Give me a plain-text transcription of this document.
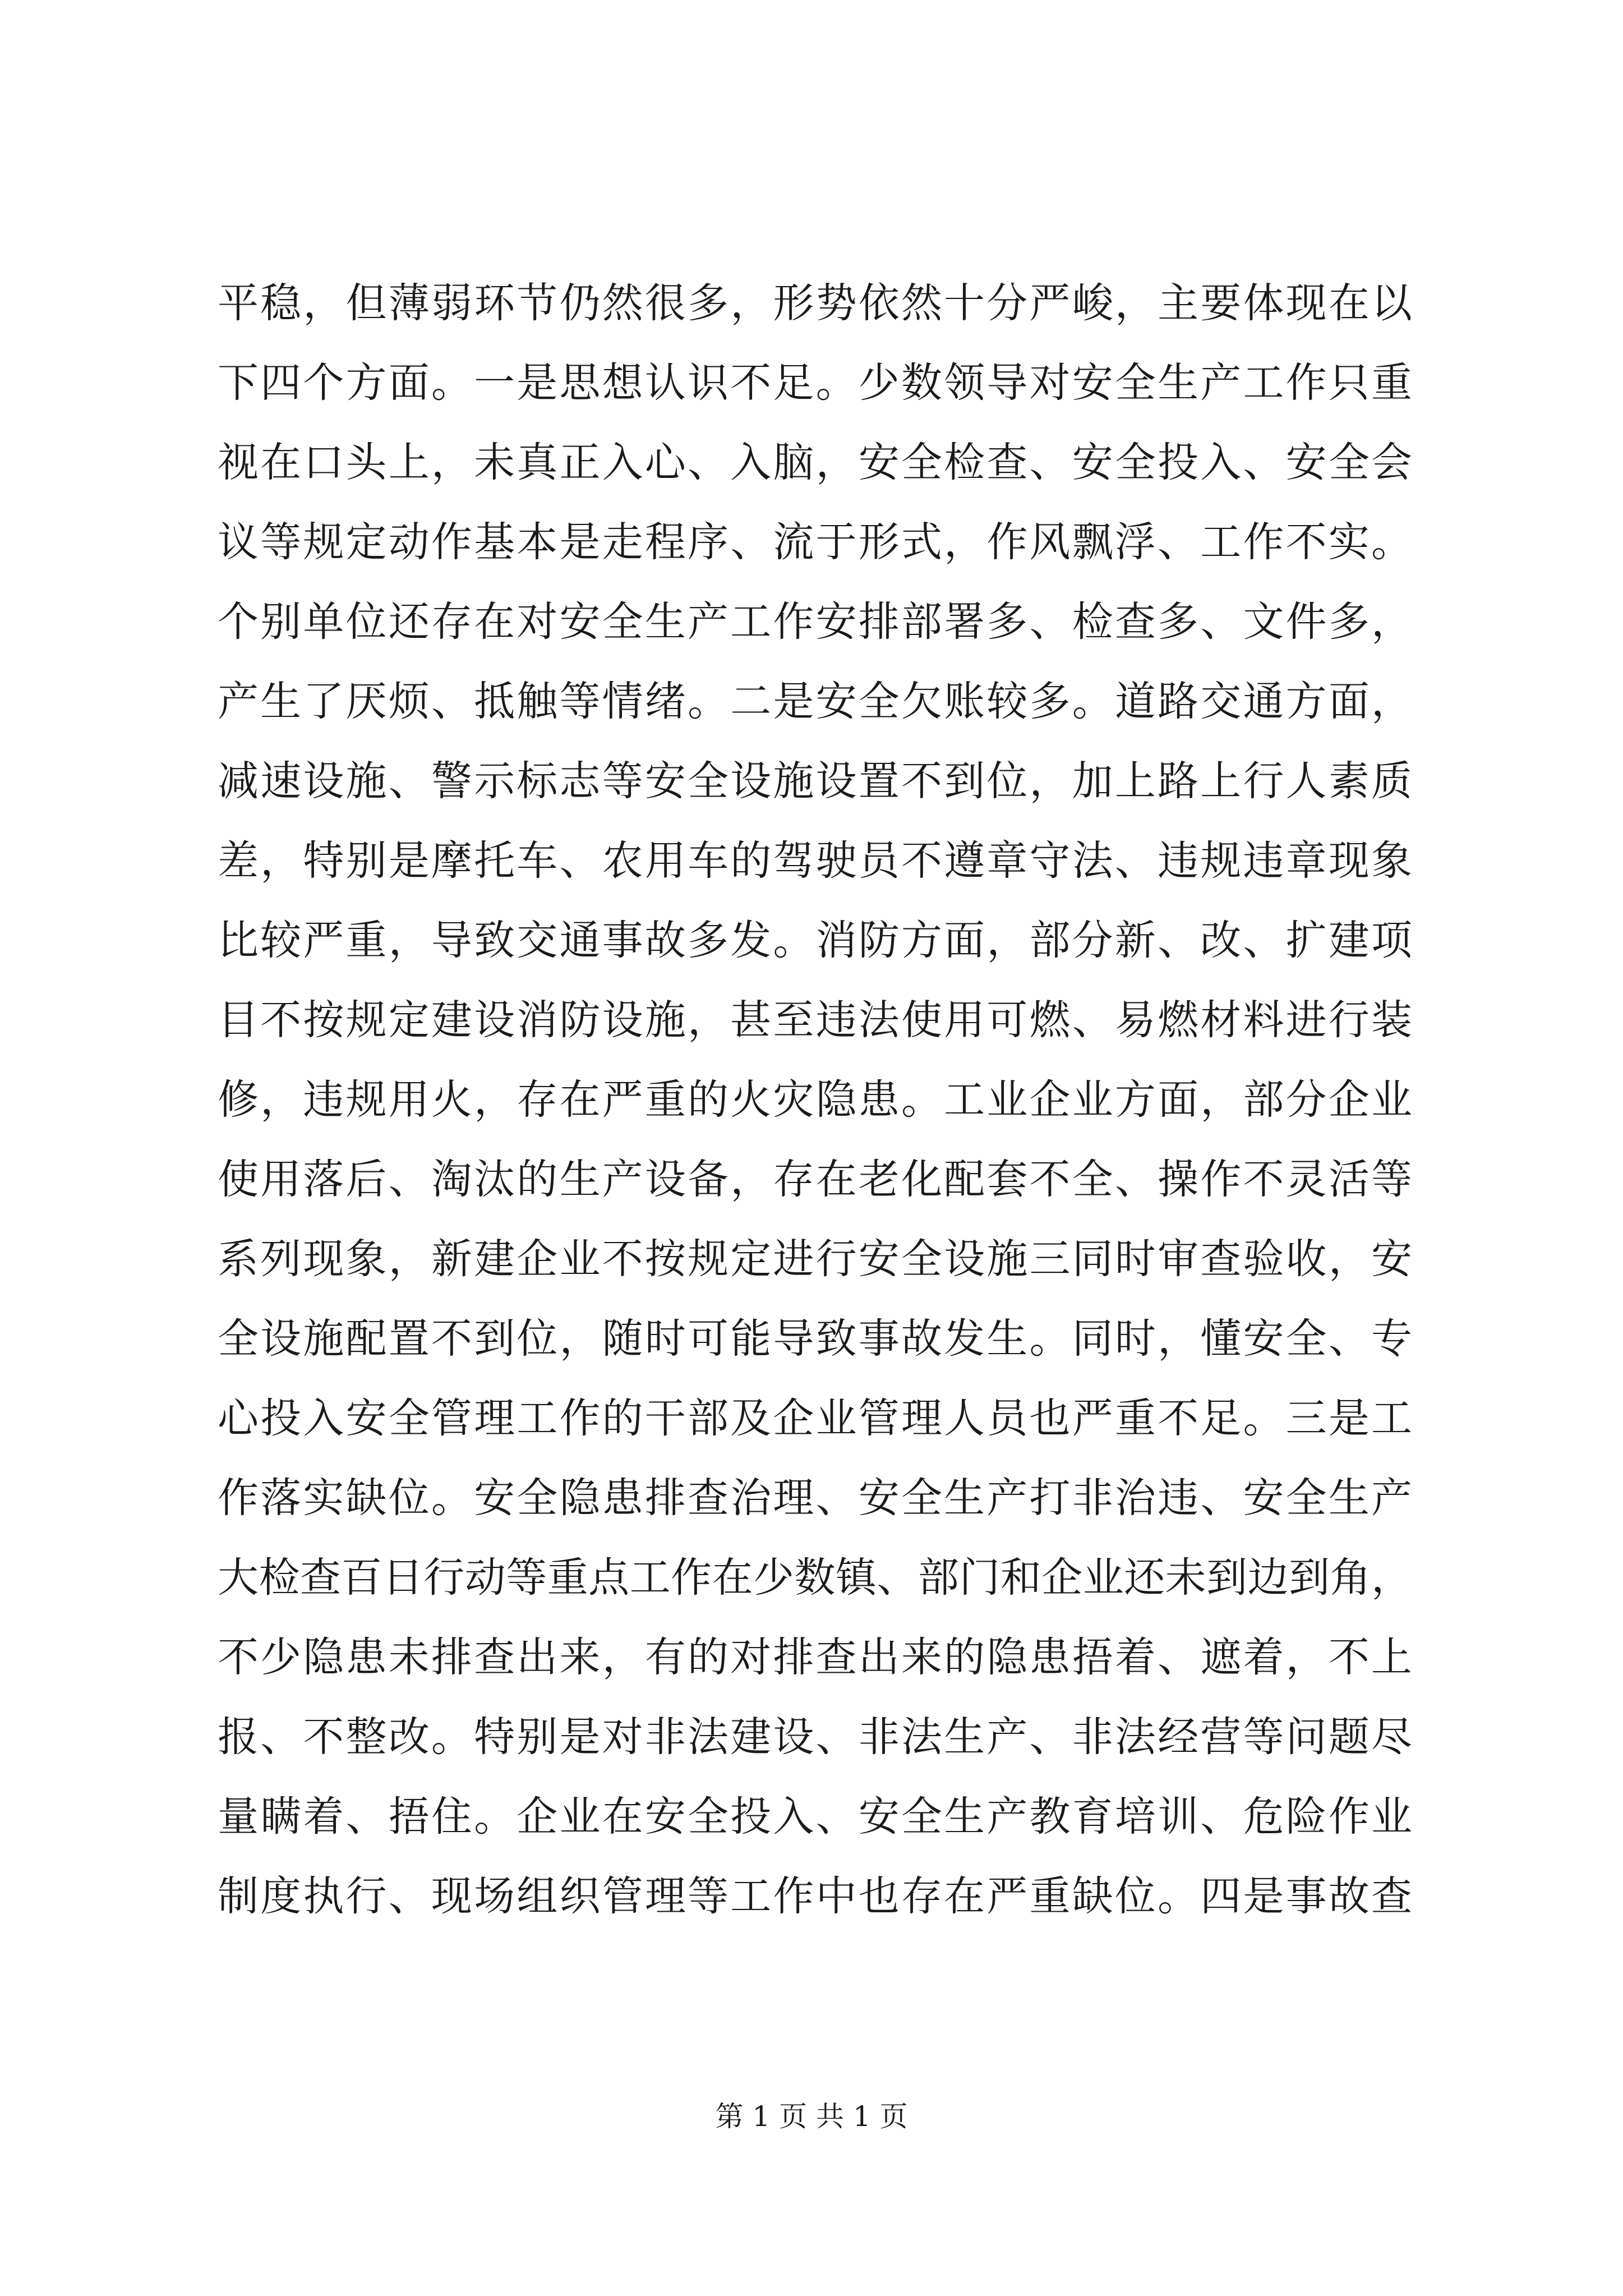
平稳，但薄弱环节仍然很多，形势依然十分严峻，主要体现在以
下四个方面。一是思想认识不足。少数领导对安全生产工作只重
视在口头上，未真正入心、入脑，安全检查、安全投入、安全会
议等规定动作基本是走程序、流于形式，作风飘浮、工作不实。
个别单位还存在对安全生产工作安排部署多、检查多、文件多，
产生了厌烦、抵触等情绪。二是安全欠账较多。道路交通方面，
减速设施、警示标志等安全设施设置不到位，加上路上行人素质
差，特别是摩托车、农用车的驾驶员不遵章守法、违规违章现象
比较严重，导致交通事故多发。消防方面，部分新、改、扩建项
目不按规定建设消防设施，甚至违法使用可燃、易燃材料进行装
修，违规用火，存在严重的火灾隐患。工业企业方面，部分企业
使用落后、淘汰的生产设备，存在老化配套不全、操作不灵活等
系列现象，新建企业不按规定进行安全设施三同时审查验收，安
全设施配置不到位，随时可能导致事故发生。同时，懂安全、专
心投入安全管理工作的干部及企业管理人员也严重不足。三是工
作落实缺位。安全隐患排查治理、安全生产打非治违、安全生产
大检查百日行动等重点工作在少数镇、部门和企业还未到边到角，
不少隐患未排查出来，有的对排查出来的隐患捂着、遮着，不上
报、不整改。特别是对非法建设、非法生产、非法经营等问题尽
量瞒着、捂住。企业在安全投入、安全生产教育培训、危险作业
制度执行、现场组织管理等工作中也存在严重缺位。四是事故查
第 1 页 共 1 页
